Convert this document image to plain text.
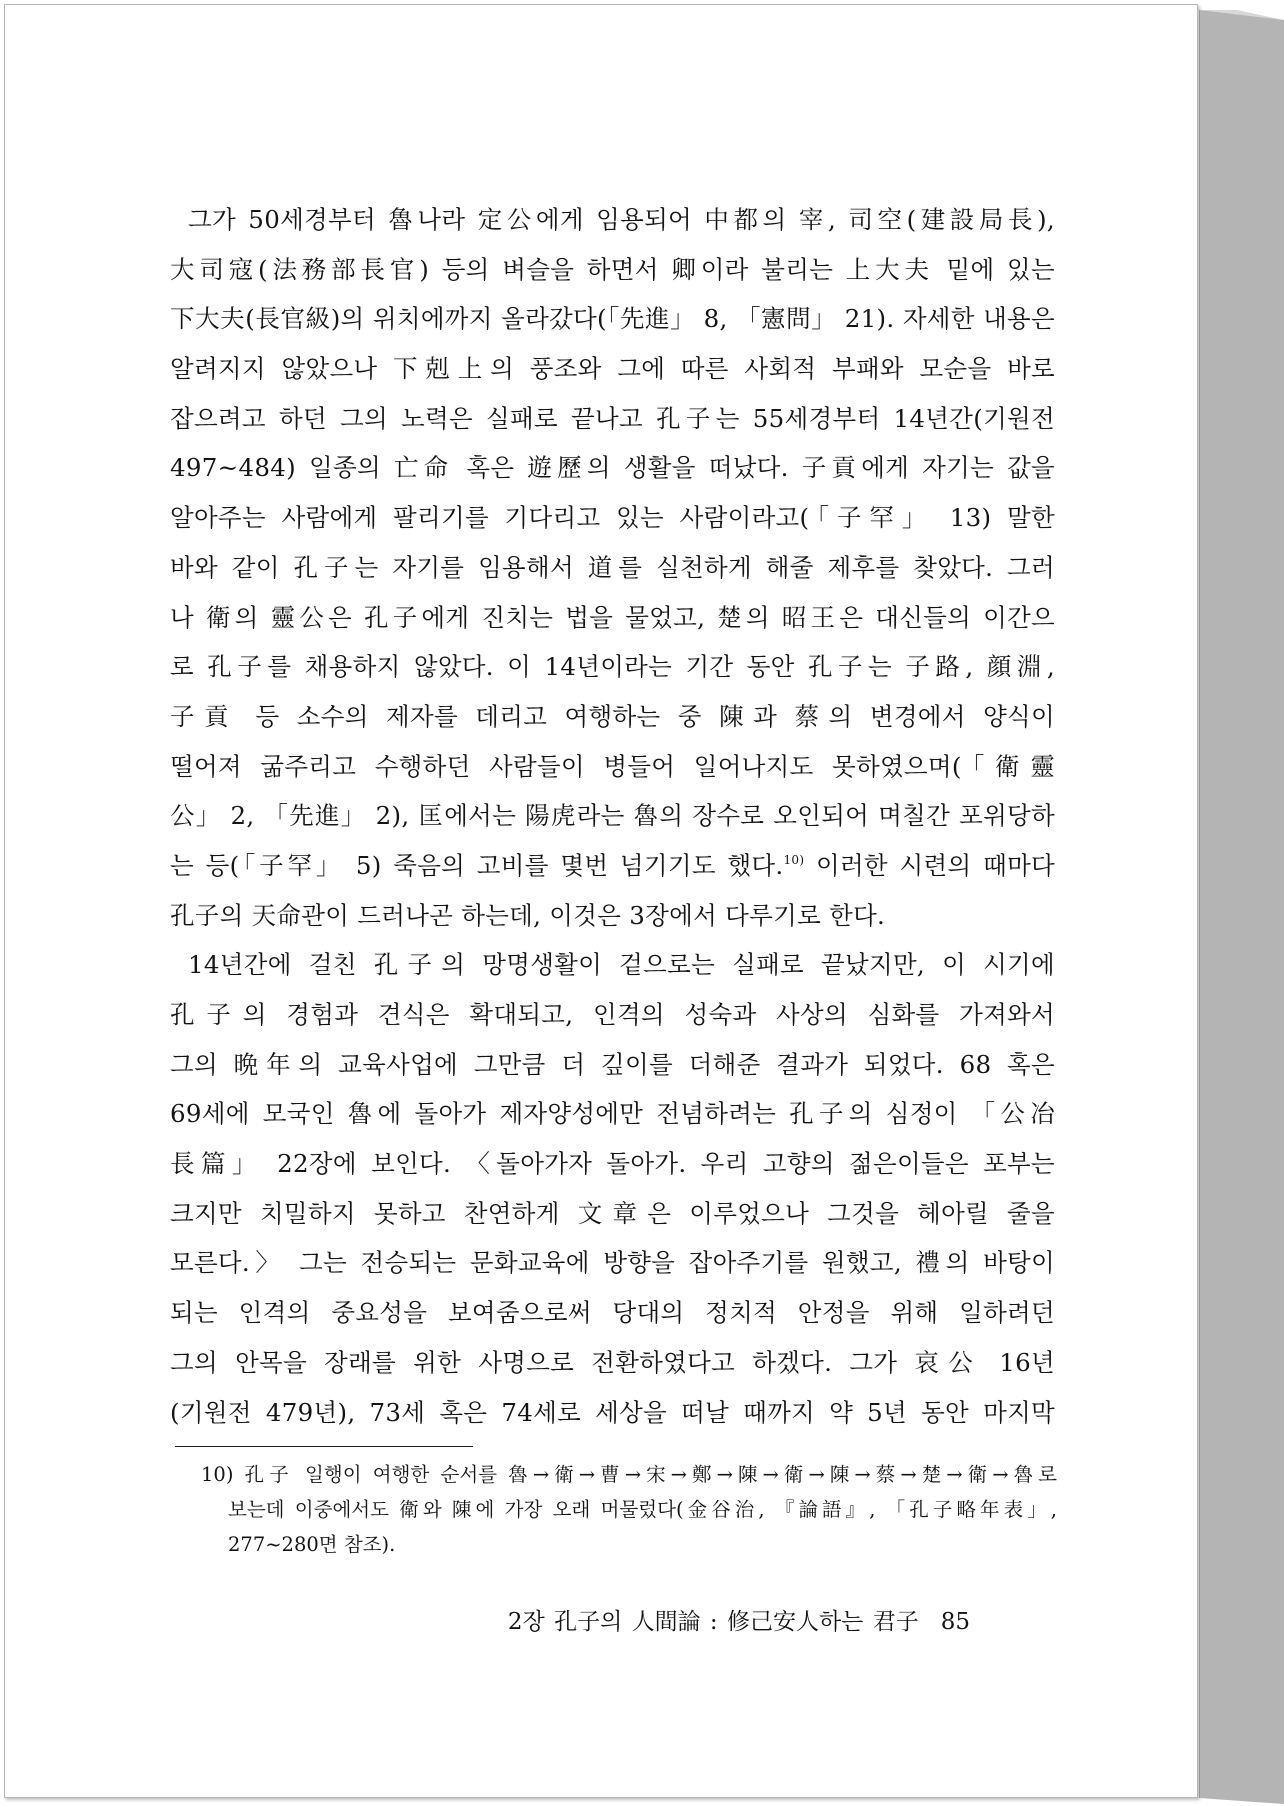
그가 50세경부터 魯나라 定公에게 임용되어 中都의 宰, 司空(建設局長),
大司寇(法務部長官) 등의 벼슬을 하면서 卿이라 불리는 上大夫 밑에 있는
下大夫(長官級)의 위치에까지 올라갔다(「先進」 8, 「憲問」 21). 자세한 내용은
알려지지 않았으나 下剋上의 풍조와 그에 따른 사회적 부패와 모순을 바로
잡으려고 하던 그의 노력은 실패로 끝나고 孔子는 55세경부터 14년간(기원전
497~484) 일종의 亡命 혹은 遊歷의 생활을 떠났다. 子貢에게 자기는 값을
알아주는 사람에게 팔리기를 기다리고 있는 사람이라고(「子罕」 13) 말한
바와 같이 孔子는 자기를 임용해서 道를 실천하게 해줄 제후를 찾았다. 그러
나 衛의 靈公은 孔子에게 진치는 법을 물었고, 楚의 昭王은 대신들의 이간으
로 孔子를 채용하지 않았다. 이 14년이라는 기간 동안 孔子는 子路, 顔淵,
子貢 등 소수의 제자를 데리고 여행하는 중 陳과 蔡의 변경에서 양식이
떨어져 굶주리고 수행하던 사람들이 병들어 일어나지도 못하였으며(「衛靈
公」 2, 「先進」 2), 匡에서는 陽虎라는 魯의 장수로 오인되어 며칠간 포위당하
는 등(「子罕」 5) 죽음의 고비를 몇번 넘기기도 했다.$^{10)}$ 이러한 시련의 때마다
孔子의 天命관이 드러나곤 하는데, 이것은 3장에서 다루기로 한다.
14년간에 걸친 孔子의 망명생활이 겉으로는 실패로 끝났지만, 이 시기에
孔子의 경험과 견식은 확대되고, 인격의 성숙과 사상의 심화를 가져와서
그의 晩年의 교육사업에 그만큼 더 깊이를 더해준 결과가 되었다. 68 혹은
69세에 모국인 魯에 돌아가 제자양성에만 전념하려는 孔子의 심정이 「公冶
長篇」 22장에 보인다. 〈돌아가자 돌아가. 우리 고향의 젊은이들은 포부는
크지만 치밀하지 못하고 찬연하게 文章은 이루었으나 그것을 헤아릴 줄을
모른다.〉 그는 전승되는 문화교육에 방향을 잡아주기를 원했고, 禮의 바탕이
되는 인격의 중요성을 보여줌으로써 당대의 정치적 안정을 위해 일하려던
그의 안목을 장래를 위한 사명으로 전환하였다고 하겠다. 그가 哀公 16년
(기원전 479년), 73세 혹은 74세로 세상을 떠날 때까지 약 5년 동안 마지막
10) 孔子 일행이 여행한 순서를 魯→衛→曹→宋→鄭→陳→衛→陳→蔡→楚→衛→魯로
보는데 이중에서도 衛와 陳에 가장 오래 머물렀다(金谷治, 『論語』, 「孔子略年表」,
277~280면 참조).
2장 孔子의 人間論 : 修己安人하는 君子 85
